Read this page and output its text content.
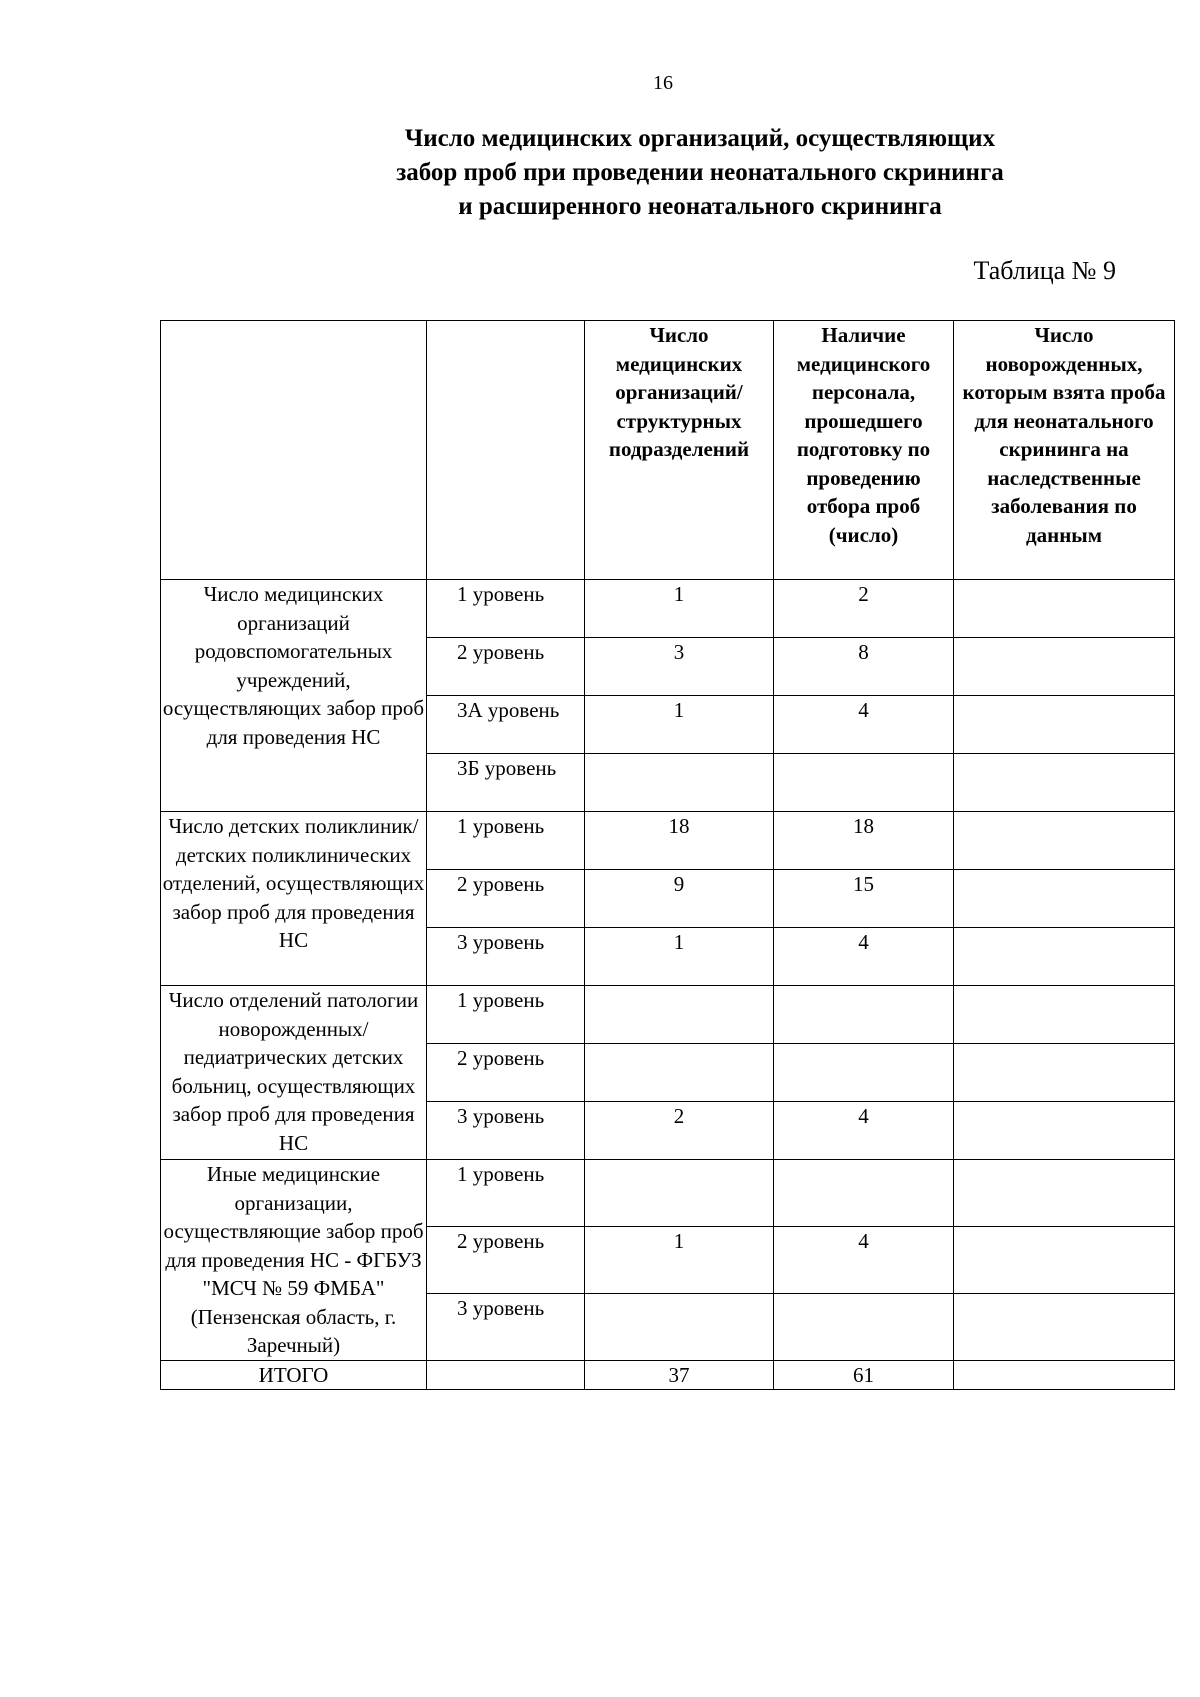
16
Число медицинских организаций, осуществляющих
забор проб при проведении неонатального скрининга
и расширенного неонатального скрининга
Таблица № 9
		Число медицинских организаций/ структурных подразделений	Наличие медицинского персонала, прошедшего подготовку по проведению отбора проб (число)	Число новорожденных, которым взята проба для неонатального скрининга на наследственные заболевания по данным
Число медицинских организаций родовспомогательных учреждений, осуществляющих забор проб для проведения НС	1 уровень	1	2	
	2 уровень	3	8	
	3А уровень	1	4	
	3Б уровень			
Число детских поликлиник/детских поликлинических отделений, осуществляющих забор проб для проведения НС	1 уровень	18	18	
	2 уровень	9	15	
	3 уровень	1	4	
Число отделений патологии новорожденных/ педиатрических детских больниц, осуществляющих забор проб для проведения НС	1 уровень			
	2 уровень			
	3 уровень	2	4	
Иные медицинские организации, осуществляющие забор проб для проведения НС - ФГБУЗ "МСЧ № 59 ФМБА" (Пензенская область, г. Заречный)	1 уровень			
	2 уровень	1	4	
	3 уровень			
ИТОГО		37	61	
